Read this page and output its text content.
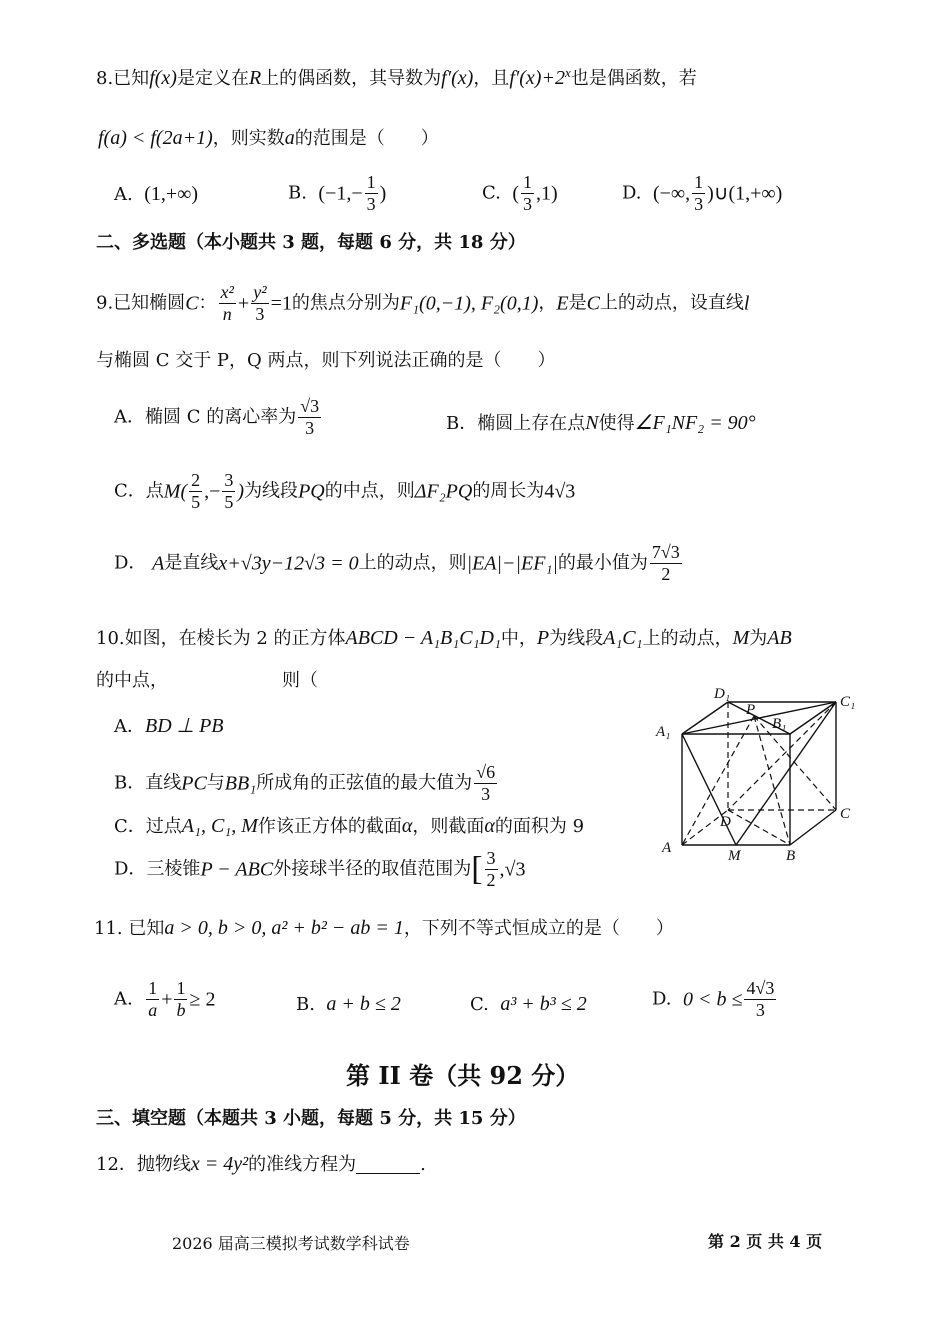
8.已知f(x)是定义在R上的偶函数，其导数为f′(x)，且$f'(x)+2^x$也是偶函数，若
f(a) < f(2a+1)，则实数a的范围是（　　）
A. (1,+∞)	B. ($-1,- \frac{1}{3}$ )	C. ( $\frac{1}{3} ,1$)	D. (−∞, $\frac{1}{3}$ )∪(1,+∞)
二、多选题（本小题共 3 题，每题 6 分，共 18 分）
9.已知椭圆C： $\frac{\text{x²}}{n} + \frac{\text{y²}}{3} =1$的焦点分别为F₁(0,−1), F₂(0,1)，E是C上的动点，设直线l
与椭圆 C 交于 P，Q 两点，则下列说法正确的是（　　）
A．椭圆 C 的离心率为 $\frac{√3}{3}$	B．椭圆上存在点N使得∠F₁NF₂ = 90°
C．点$M( \frac{2}{5}$ ,− $\frac{3}{5}$ )为线段PQ的中点，则ΔF₂PQ的周长为4√3
D． A是直线x+√3y−12√3 = 0上的动点，则|EA|−|EF₁|的最小值为 $\frac{7√3}{2}$
10.如图，在棱长为 2 的正方体ABCD − A₁B₁C₁D₁中，P为线段A₁C₁上的动点，M为AB
的中点，	则（
A．BD ⊥ PB
B．直线PC与BB₁所成角的正弦值的最大值为 $\frac{√6}{3}$
C．过点A₁, C₁, M作该正方体的截面α，则截面α的面积为 9
D．三棱锥P − ABC外接球半径的取值范围为[ $\frac{3}{2} ,√3$
D₁	C₁
A₁	B₁
P
D	C
A	M	B
11. 已知a > 0, b > 0, a² + b² − ab = 1，下列不等式恒成立的是（　　）
A. $\frac{1}{a} + \frac{1}{b} \ge 2$	B. a + b ≤ 2	C. a³ + b³ ≤ 2	D. $0 < b \le \frac{4√3}{3}$
第 II 卷（共 92 分）
三、填空题（本题共 3 小题，每题 5 分，共 15 分）
12．抛物线x = 4y²的准线方程为	.
2026 届高三模拟考试数学科试卷	第 2 页 共 4 页
